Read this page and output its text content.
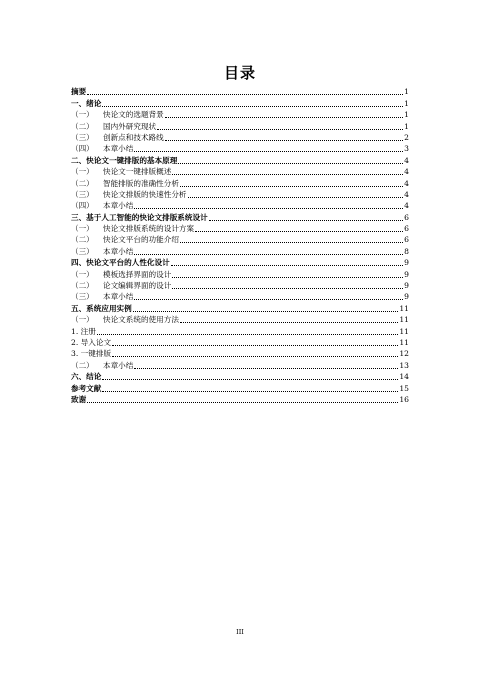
目录
摘要	1
一、绪论	1
（一）	快论文的选题背景	1
（二）	国内外研究现状	1
（三）	创新点和技术路线	2
（四）	本章小结	3
二、快论文一键排版的基本原理	4
（一）	快论文一键排版概述	4
（二）	智能排版的准确性分析	4
（三）	快论文排版的快速性分析	4
（四）	本章小结	4
三、基于人工智能的快论文排版系统设计	6
（一）	快论文排版系统的设计方案	6
（二）	快论文平台的功能介绍	6
（三）	本章小结	8
四、快论文平台的人性化设计	9
（一）	模板选择界面的设计	9
（二）	论文编辑界面的设计	9
（三）	本章小结	9
五、系统应用实例	11
（一）	快论文系统的使用方法	11
1. 注册	11
2. 导入论文	11
3. 一键排版	12
（二）	本章小结	13
六、结论	14
参考文献	15
致谢	16
III
